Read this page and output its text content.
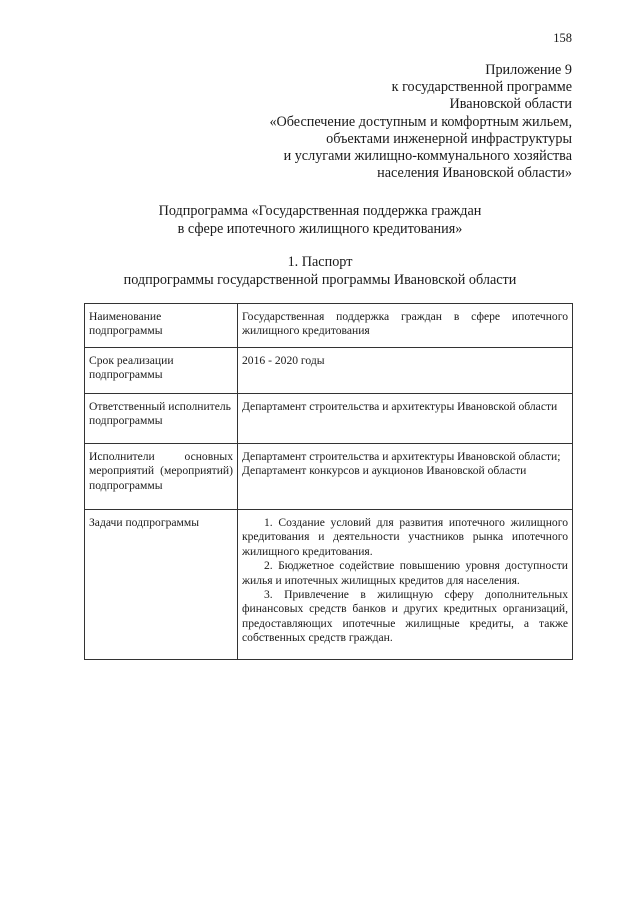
158
Приложение 9
к государственной программе
Ивановской области
«Обеспечение доступным и комфортным жильем,
объектами инженерной инфраструктуры
и услугами жилищно-коммунального хозяйства
населения Ивановской области»
Подпрограмма «Государственная поддержка граждан
в сфере ипотечного жилищного кредитования»
1. Паспорт
подпрограммы государственной программы Ивановской области
Наименование подпрограммы	Государственная поддержка граждан в сфере ипотечного жилищного кредитования
Срок реализации подпрограммы	2016 - 2020 годы
Ответственный исполнитель подпрограммы	Департамент строительства и архитектуры Ивановской области
Исполнители основных мероприятий (мероприятий) подпрограммы	Департамент строительства и архитектуры Ивановской области;
Департамент конкурсов и аукционов Ивановской области

Задачи подпрограммы	1. Создание условий для развития ипотечного жилищного кредитования и деятельности участников рынка ипотечного жилищного кредитования.

2. Бюджетное содействие повышению уровня доступности жилья и ипотечных жилищных кредитов для населения.

3. Привлечение в жилищную сферу дополнительных финансовых средств банков и других кредитных организаций, предоставляющих ипотечные жилищные кредиты, а также собственных средств граждан.
